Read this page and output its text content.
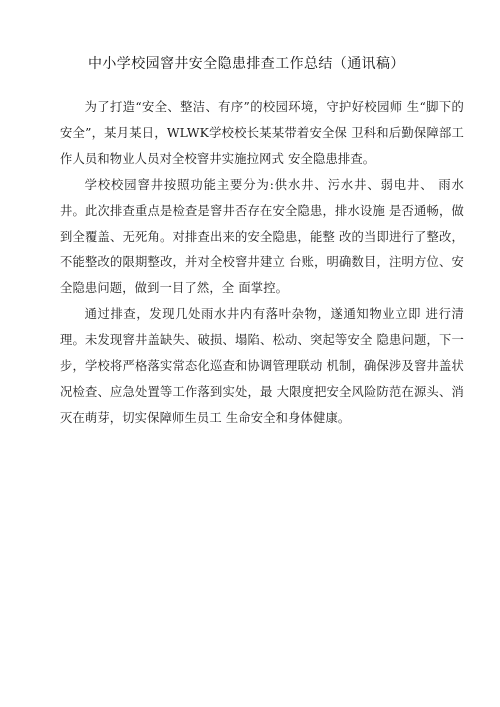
中小学校园窨井安全隐患排查工作总结（通讯稿）

为了打造“安全、整洁、有序”的校园环境，守护好校园师 生“脚下的安全”，某月某日，WLWK学校校长某某带着安全保 卫科和后勤保障部工作人员和物业人员对全校窨井实施拉网式 安全隐患排查。

学校校园窨井按照功能主要分为:供水井、污水井、弱电井、 雨水井。此次排查重点是检查是窨井否存在安全隐患，排水设施 是否通畅，做到全覆盖、无死角。对排查出来的安全隐患，能整 改的当即进行了整改，不能整改的限期整改，并对全校窨井建立 台账，明确数目，注明方位、安全隐患问题，做到一目了然，全 面掌控。

通过排查，发现几处雨水井内有落叶杂物，遂通知物业立即 进行清理。未发现窨井盖缺失、破损、塌陷、松动、突起等安全 隐患问题，下一步，学校将严格落实常态化巡查和协调管理联动 机制，确保涉及窨井盖状况检查、应急处置等工作落到实处，最 大限度把安全风险防范在源头、消灭在萌芽，切实保障师生员工 生命安全和身体健康。
